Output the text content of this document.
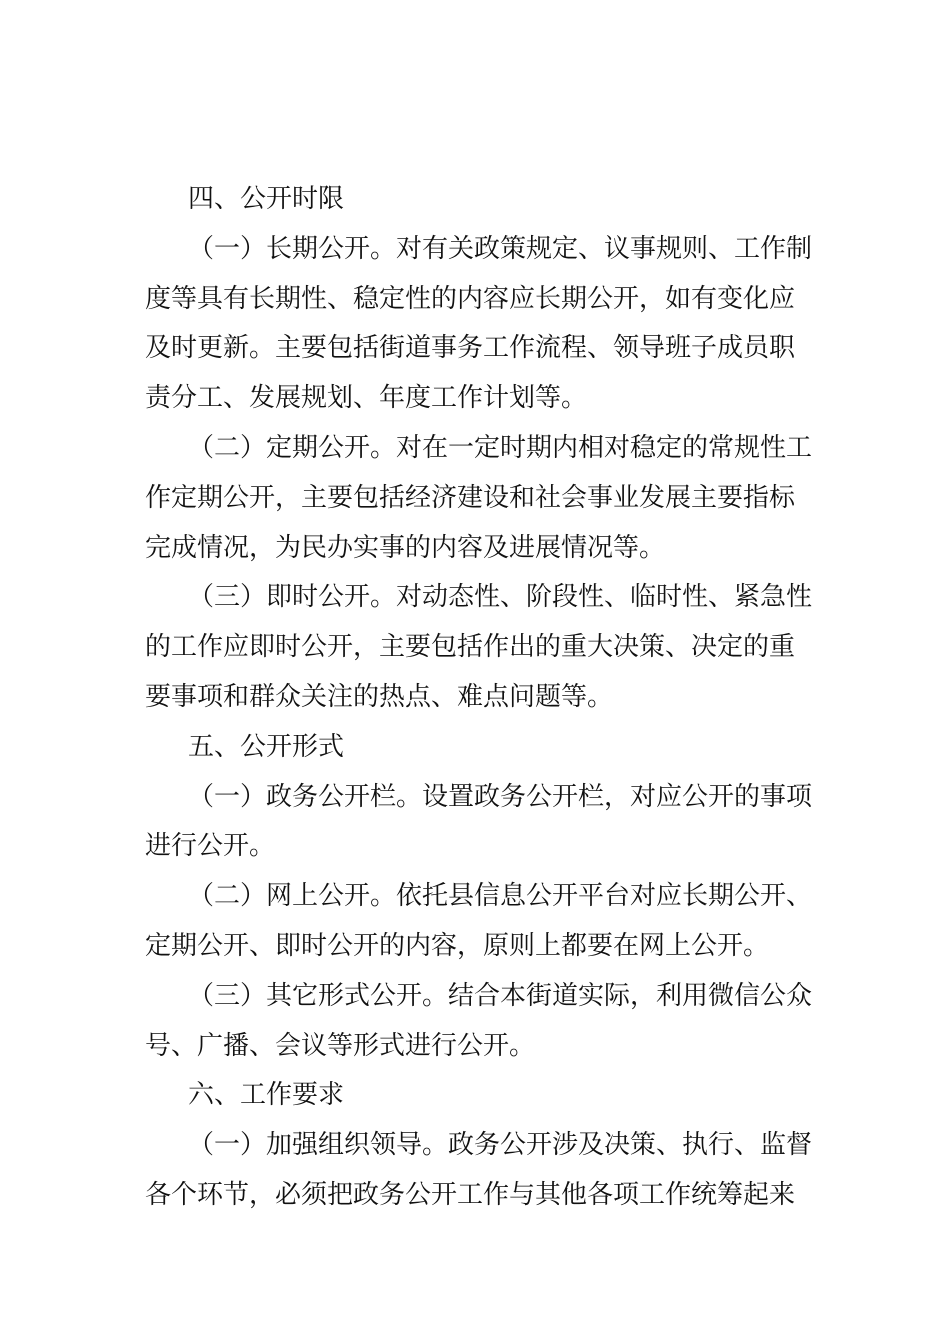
四、公开时限
（一）长期公开。对有关政策规定、议事规则、工作制
度等具有长期性、稳定性的内容应长期公开，如有变化应
及时更新。主要包括街道事务工作流程、领导班子成员职
责分工、发展规划、年度工作计划等。
（二）定期公开。对在一定时期内相对稳定的常规性工
作定期公开，主要包括经济建设和社会事业发展主要指标
完成情况，为民办实事的内容及进展情况等。
（三）即时公开。对动态性、阶段性、临时性、紧急性
的工作应即时公开，主要包括作出的重大决策、决定的重
要事项和群众关注的热点、难点问题等。
五、公开形式
（一）政务公开栏。设置政务公开栏，对应公开的事项
进行公开。
（二）网上公开。依托县信息公开平台对应长期公开、
定期公开、即时公开的内容，原则上都要在网上公开。
（三）其它形式公开。结合本街道实际，利用微信公众
号、广播、会议等形式进行公开。
六、工作要求
（一）加强组织领导。政务公开涉及决策、执行、监督
各个环节，必须把政务公开工作与其他各项工作统筹起来
